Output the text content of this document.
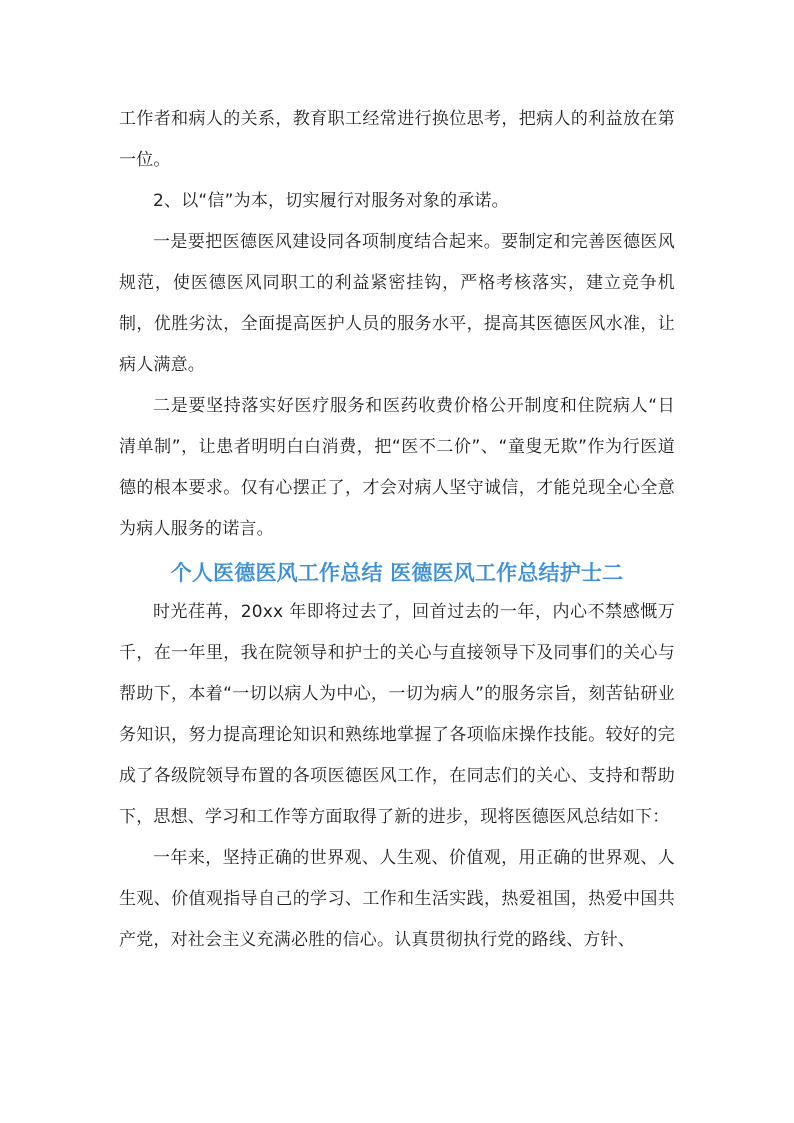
工作者和病人的关系，教育职工经常进行换位思考，把病人的利益放在第一位。

2、以“信”为本，切实履行对服务对象的承诺。

一是要把医德医风建设同各项制度结合起来。要制定和完善医德医风规范，使医德医风同职工的利益紧密挂钩，严格考核落实，建立竞争机制，优胜劣汰，全面提高医护人员的服务水平，提高其医德医风水准，让病人满意。

二是要坚持落实好医疗服务和医药收费价格公开制度和住院病人“日清单制”，让患者明明白白消费，把“医不二价”、“童叟无欺”作为行医道德的根本要求。仅有心摆正了，才会对病人坚守诚信，才能兑现全心全意为病人服务的诺言。

个人医德医风工作总结 医德医风工作总结护士二

时光荏苒，20xx 年即将过去了，回首过去的一年，内心不禁感慨万千，在一年里，我在院领导和护士的关心与直接领导下及同事们的关心与帮助下，本着“一切以病人为中心，一切为病人”的服务宗旨，刻苦钻研业务知识，努力提高理论知识和熟练地掌握了各项临床操作技能。较好的完成了各级院领导布置的各项医德医风工作，在同志们的关心、支持和帮助下，思想、学习和工作等方面取得了新的进步，现将医德医风总结如下：

一年来，坚持正确的世界观、人生观、价值观，用正确的世界观、人生观、价值观指导自己的学习、工作和生活实践，热爱祖国，热爱中国共产党，对社会主义充满必胜的信心。认真贯彻执行党的路线、方针、
